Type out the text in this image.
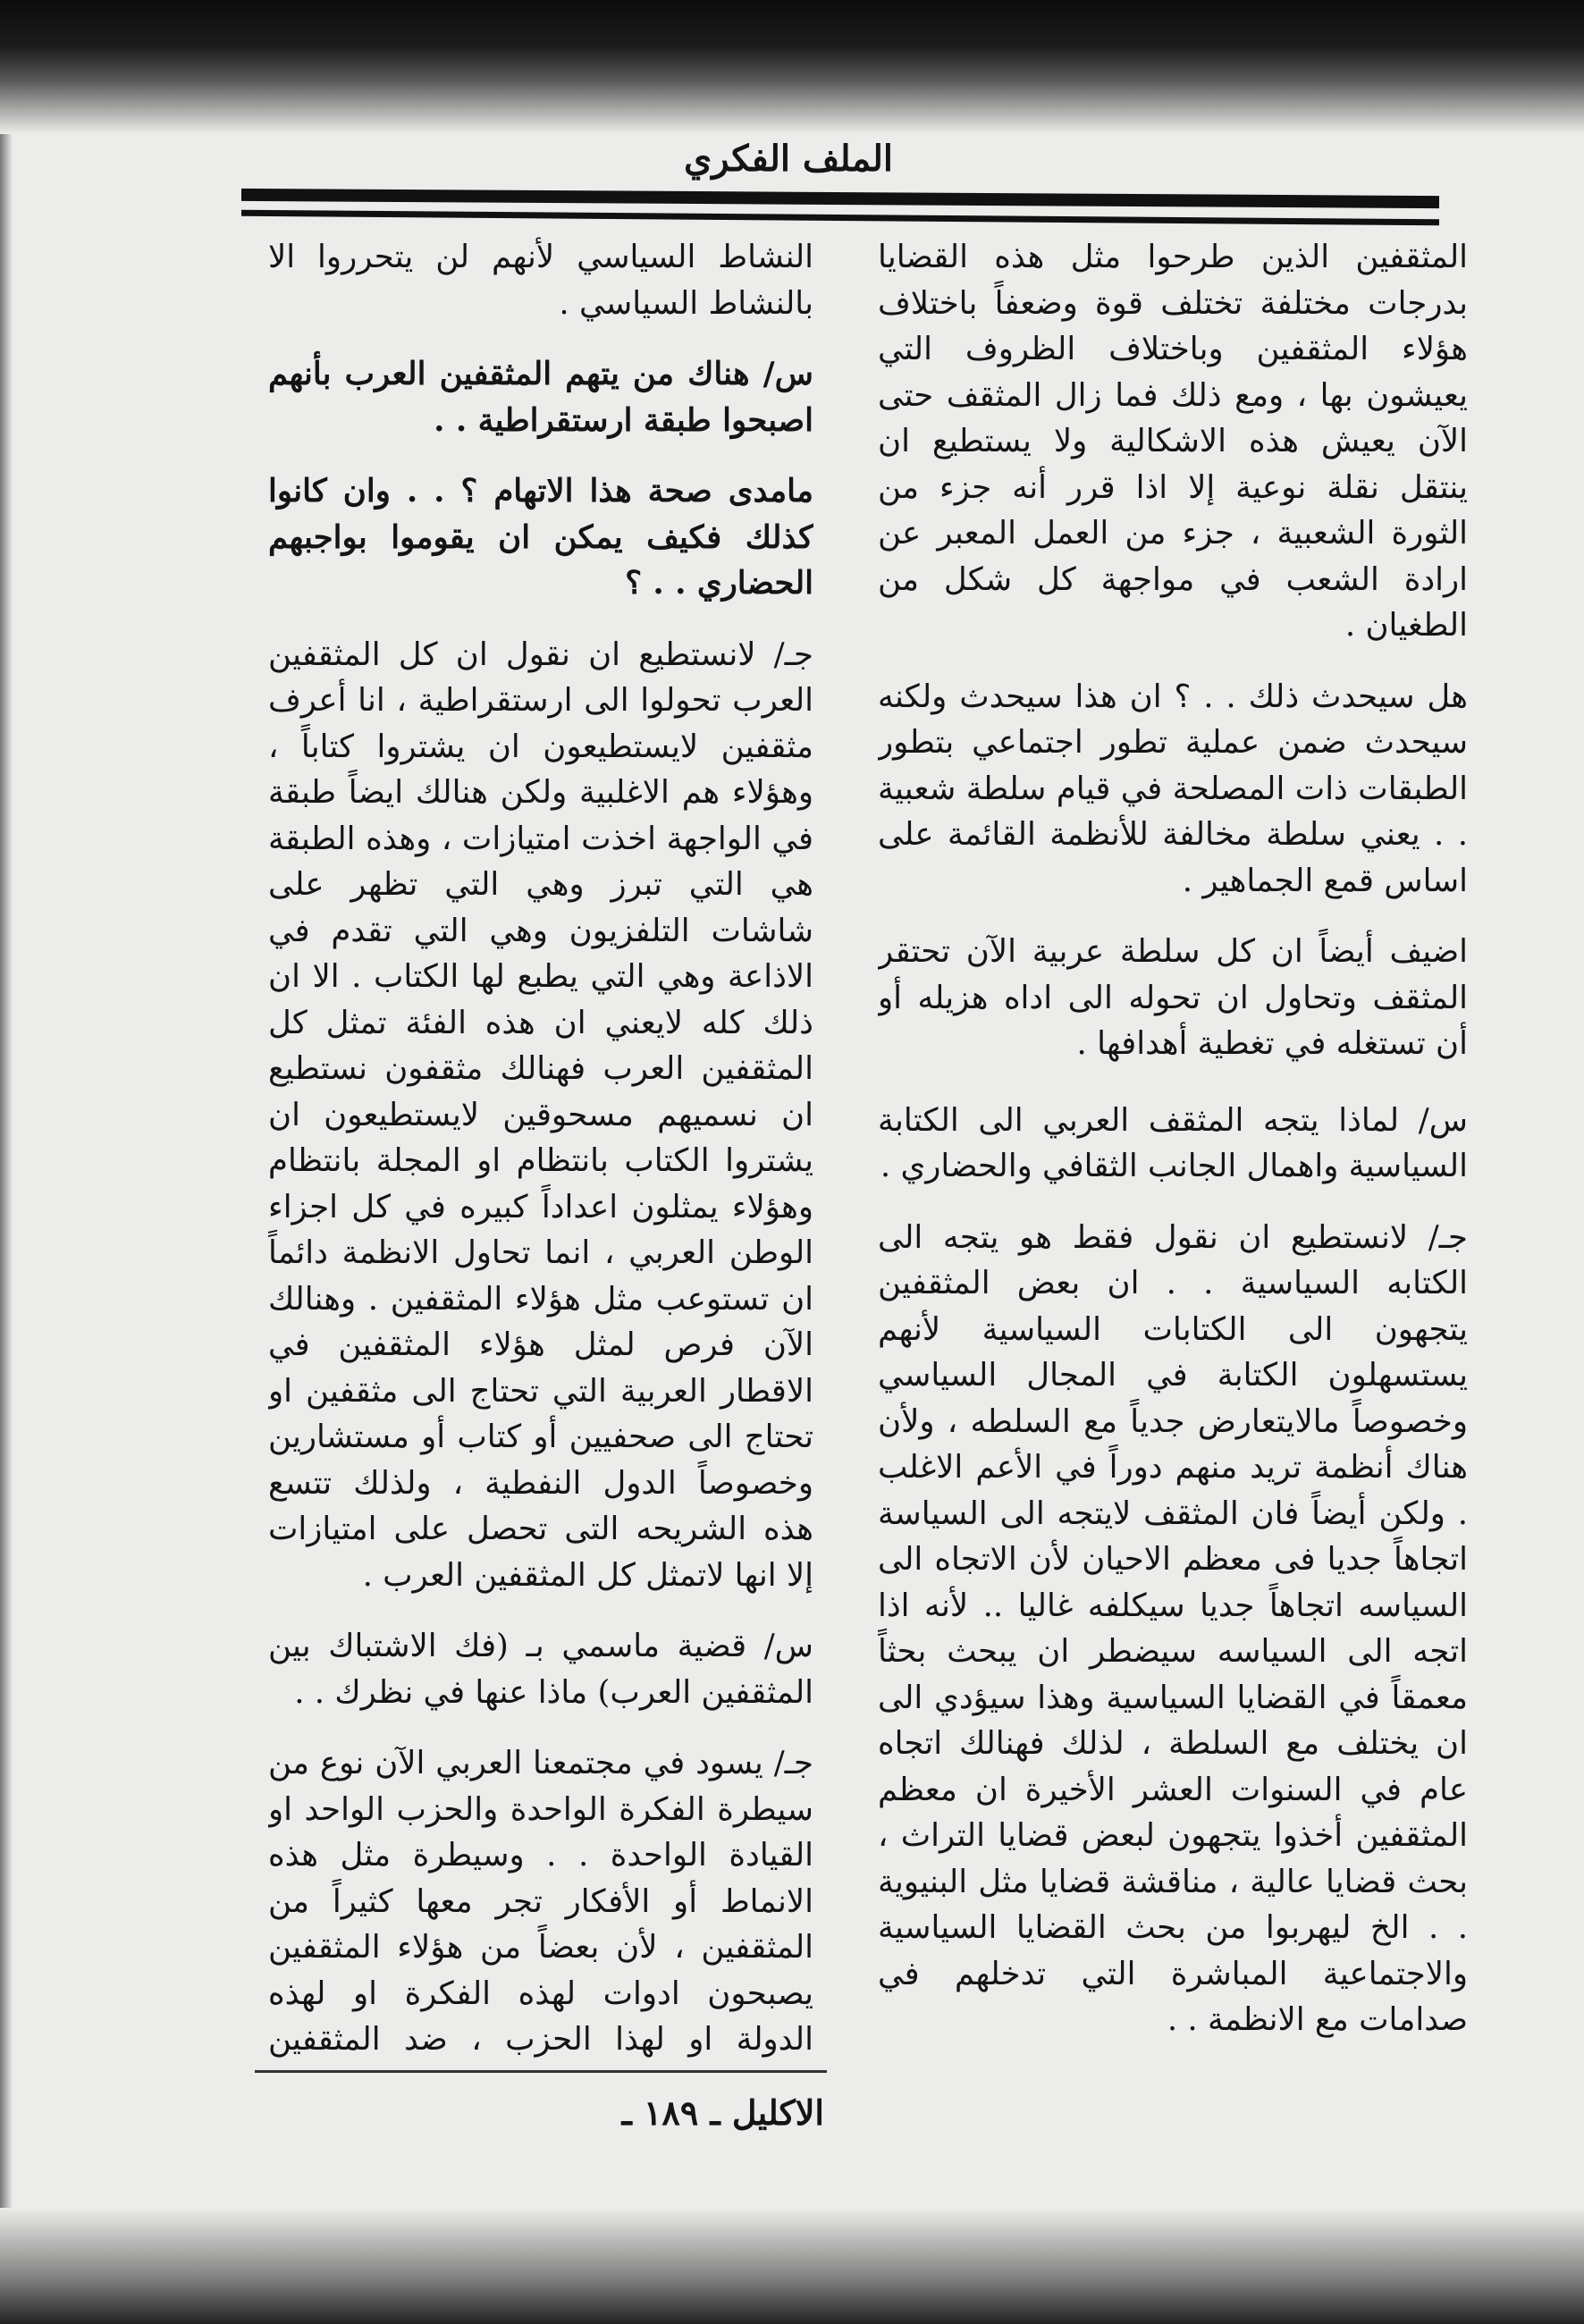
الملف الفكري

المثقفين الذين طرحوا مثل هذه القضايا بدرجات مختلفة تختلف قوة وضعفاً باختلاف هؤلاء المثقفين وباختلاف الظروف التي يعيشون بها ، ومع ذلك فما زال المثقف حتى الآن يعيش هذه الاشكالية ولا يستطيع ان ينتقل نقلة نوعية إلا اذا قرر أنه جزء من الثورة الشعبية ، جزء من العمل المعبر عن ارادة الشعب في مواجهة كل شكل من الطغيان .

هل سيحدث ذلك . . ؟ ان هذا سيحدث ولكنه سيحدث ضمن عملية تطور اجتماعي بتطور الطبقات ذات المصلحة في قيام سلطة شعبية . . يعني سلطة مخالفة للأنظمة القائمة على اساس قمع الجماهير .

اضيف أيضاً ان كل سلطة عربية الآن تحتقر المثقف وتحاول ان تحوله الى اداه هزيله أو أن تستغله في تغطية أهدافها .

س/ لماذا يتجه المثقف العربي الى الكتابة السياسية واهمال الجانب الثقافي والحضاري .

جـ/ لانستطيع ان نقول فقط هو يتجه الى الكتابه السياسية . . ان بعض المثقفين يتجهون الى الكتابات السياسية لأنهم يستسهلون الكتابة في المجال السياسي وخصوصاً مالايتعارض جدياً مع السلطه ، ولأن هناك أنظمة تريد منهم دوراً في الأعم الاغلب . ولكن أيضاً فان المثقف لايتجه الى السياسة اتجاهاً جديا فى معظم الاحيان لأن الاتجاه الى السياسه اتجاهاً جديا سيكلفه غاليا .. لأنه اذا اتجه الى السياسه سيضطر ان يبحث بحثاً معمقاً في القضايا السياسية وهذا سيؤدي الى ان يختلف مع السلطة ، لذلك فهنالك اتجاه عام في السنوات العشر الأخيرة ان معظم المثقفين أخذوا يتجهون لبعض قضايا التراث ، بحث قضايا عالية ، مناقشة قضايا مثل البنيوية . . الخ ليهربوا من بحث القضايا السياسية والاجتماعية المباشرة التي تدخلهم في صدامات مع الانظمة . .

النشاط السياسي لأنهم لن يتحرروا الا بالنشاط السياسي .

س/ هناك من يتهم المثقفين العرب بأنهم اصبحوا طبقة ارستقراطية . .

مامدى صحة هذا الاتهام ؟ . . وان كانوا كذلك فكيف يمكن ان يقوموا بواجبهم الحضاري . . ؟

جـ/ لانستطيع ان نقول ان كل المثقفين العرب تحولوا الى ارستقراطية ، انا أعرف مثقفين لايستطيعون ان يشتروا كتاباً ، وهؤلاء هم الاغلبية ولكن هنالك ايضاً طبقة في الواجهة اخذت امتيازات ، وهذه الطبقة هي التي تبرز وهي التي تظهر على شاشات التلفزيون وهي التي تقدم في الاذاعة وهي التي يطبع لها الكتاب . الا ان ذلك كله لايعني ان هذه الفئة تمثل كل المثقفين العرب فهنالك مثقفون نستطيع ان نسميهم مسحوقين لايستطيعون ان يشتروا الكتاب بانتظام او المجلة بانتظام وهؤلاء يمثلون اعداداً كبيره في كل اجزاء الوطن العربي ، انما تحاول الانظمة دائماً ان تستوعب مثل هؤلاء المثقفين . وهنالك الآن فرص لمثل هؤلاء المثقفين في الاقطار العربية التي تحتاج الى مثقفين او تحتاج الى صحفيين أو كتاب أو مستشارين وخصوصاً الدول النفطية ، ولذلك تتسع هذه الشريحه التى تحصل على امتيازات إلا انها لاتمثل كل المثقفين العرب .

س/ قضية ماسمي بـ (فك الاشتباك بين المثقفين العرب) ماذا عنها في نظرك . .

جـ/ يسود في مجتمعنا العربي الآن نوع من سيطرة الفكرة الواحدة والحزب الواحد او القيادة الواحدة . . وسيطرة مثل هذه الانماط أو الأفكار تجر معها كثيراً من المثقفين ، لأن بعضاً من هؤلاء المثقفين يصبحون ادوات لهذه الفكرة او لهذه الدولة او لهذا الحزب ، ضد المثقفين

الاكليل ـ ١٨٩ ـ
